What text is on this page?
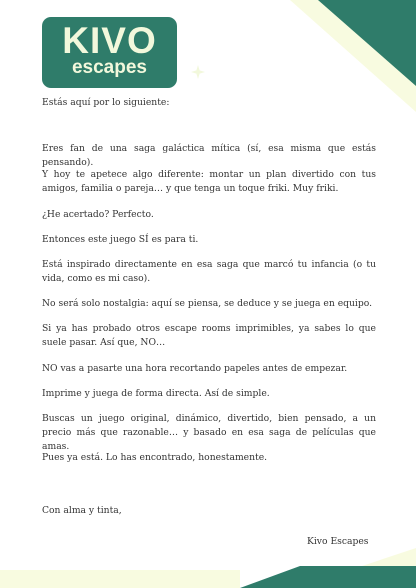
KIVO
escapes

Estás aquí por lo siguiente:

Eres fan de una saga galáctica mítica (sí, esa misma que estás pensando).

Y hoy te apetece algo diferente: montar un plan divertido con tus amigos, familia o pareja… y que tenga un toque friki. Muy friki.

¿He acertado? Perfecto.

Entonces este juego SÍ es para ti.

Está inspirado directamente en esa saga que marcó tu infancia (o tu vida, como es mi caso).

No será solo nostalgia: aquí se piensa, se deduce y se juega en equipo.

Si ya has probado otros escape rooms imprimibles, ya sabes lo que suele pasar. Así que, NO…

NO vas a pasarte una hora recortando papeles antes de empezar.

Imprime y juega de forma directa. Así de simple.

Buscas un juego original, dinámico, divertido, bien pensado, a un precio más que razonable… y basado en esa saga de películas que amas.

Pues ya está. Lo has encontrado, honestamente.

Con alma y tinta,
Kivo Escapes
